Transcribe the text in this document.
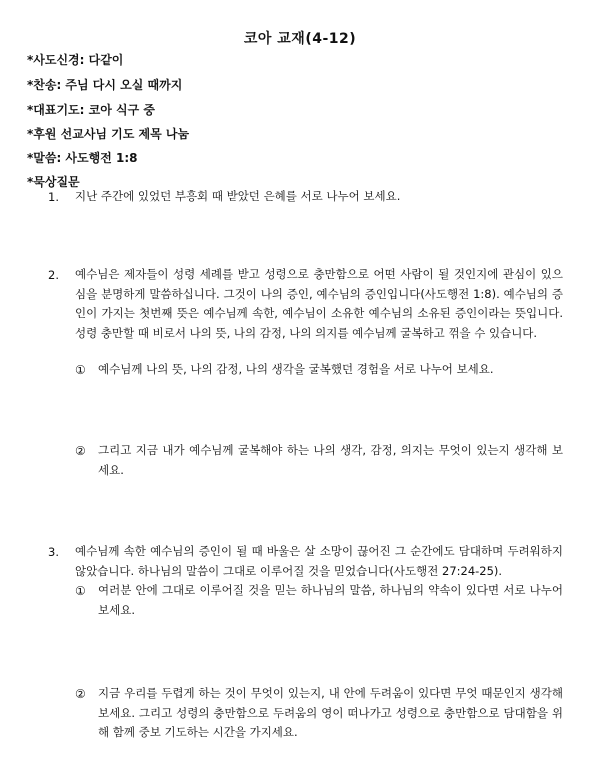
코아 교재(4-12)
*사도신경: 다같이
*찬송: 주님 다시 오실 때까지
*대표기도: 코아 식구 중
*후원 선교사님 기도 제목 나눔
*말씀: 사도행전 1:8
*묵상질문
1. 지난 주간에 있었던 부흥회 때 받았던 은혜를 서로 나누어 보세요.
2. 예수님은 제자들이 성령 세례를 받고 성령으로 충만함으로 어떤 사람이 될 것인지에 관심이 있으심을 분명하게 말씀하십니다. 그것이 나의 증인, 예수님의 증인입니다(사도행전 1:8). 예수님의 증인이 가지는 첫번째 뜻은 예수님께 속한, 예수님이 소유한 예수님의 소유된 증인이라는 뜻입니다. 성령 충만할 때 비로서 나의 뜻, 나의 감정, 나의 의지를 예수님께 굴복하고 꺾을 수 있습니다.
① 예수님께 나의 뜻, 나의 감정, 나의 생각을 굴복했던 경험을 서로 나누어 보세요.
② 그리고 지금 내가 예수님께 굴복해야 하는 나의 생각, 감정, 의지는 무엇이 있는지 생각해 보세요.
3. 예수님께 속한 예수님의 증인이 될 때 바울은 살 소망이 끊어진 그 순간에도 담대하며 두려워하지 않았습니다. 하나님의 말씀이 그대로 이루어질 것을 믿었습니다(사도행전 27:24-25).
① 여러분 안에 그대로 이루어질 것을 믿는 하나님의 말씀, 하나님의 약속이 있다면 서로 나누어 보세요.
② 지금 우리를 두렵게 하는 것이 무엇이 있는지, 내 안에 두려움이 있다면 무엇 때문인지 생각해 보세요. 그리고 성령의 충만함으로 두려움의 영이 떠나가고 성령으로 충만함으로 담대함을 위해 함께 중보 기도하는 시간을 가지세요.
